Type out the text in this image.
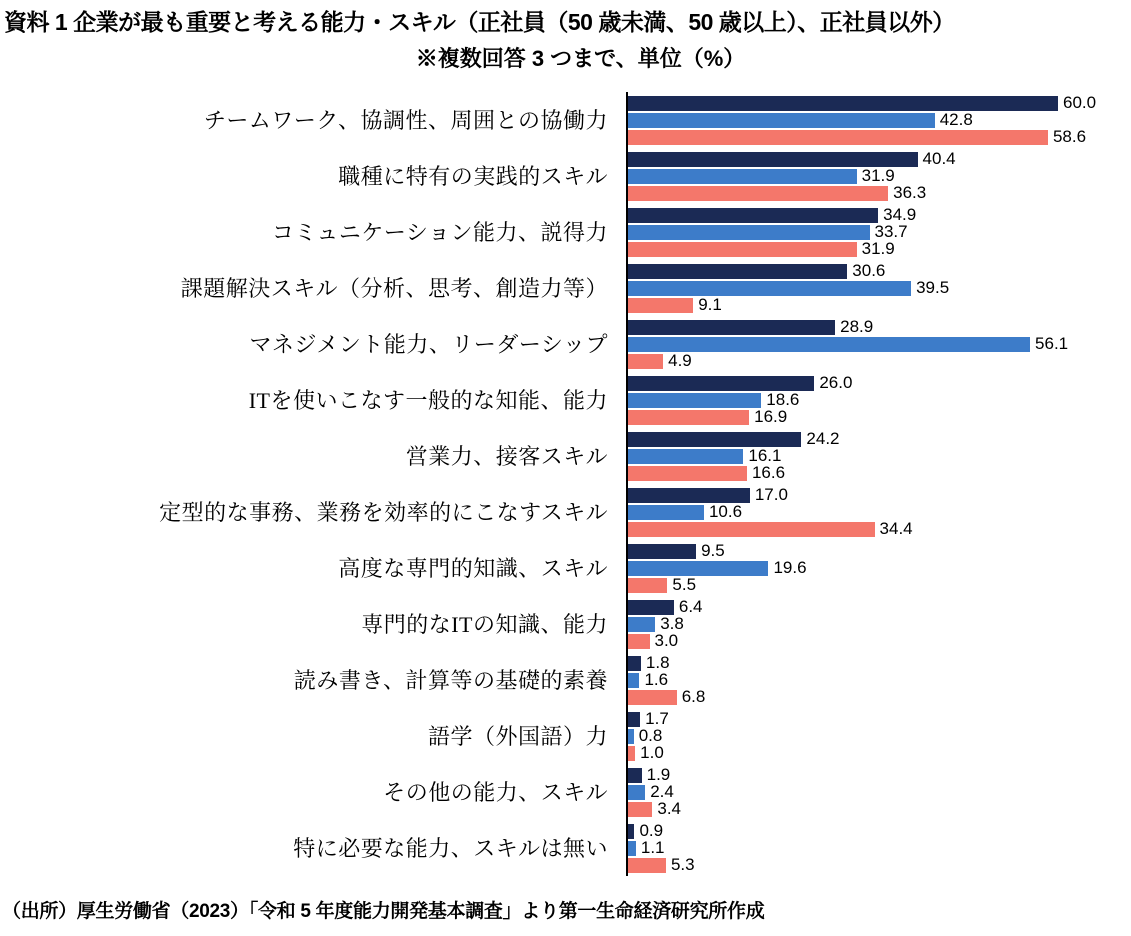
資料 1 企業が最も重要と考える能力・スキル（正社員（50 歳未満、50 歳以上）、正社員以外）
※複数回答 3 つまで、単位（%）
チームワーク、協調性、周囲との協働力
職種に特有の実践的スキル
コミュニケーション能力、説得力
課題解決スキル（分析、思考、創造力等）
マネジメント能力、リーダーシップ
ITを使いこなす一般的な知能、能力
営業力、接客スキル
定型的な事務、業務を効率的にこなすスキル
高度な専門的知識、スキル
専門的なITの知識、能力
読み書き、計算等の基礎的素養
語学（外国語）力
その他の能力、スキル
特に必要な能力、スキルは無い
60.0
42.8
58.6
40.4
31.9
36.3
34.9
33.7
31.9
30.6
39.5
9.1
28.9
56.1
4.9
26.0
18.6
16.9
24.2
16.1
16.6
17.0
10.6
34.4
9.5
19.6
5.5
6.4
3.8
3.0
1.8
1.6
6.8
1.7
0.8
1.0
1.9
2.4
3.4
0.9
1.1
5.3
（出所）厚生労働省（2023）「令和 5 年度能力開発基本調査」より第一生命経済研究所作成
